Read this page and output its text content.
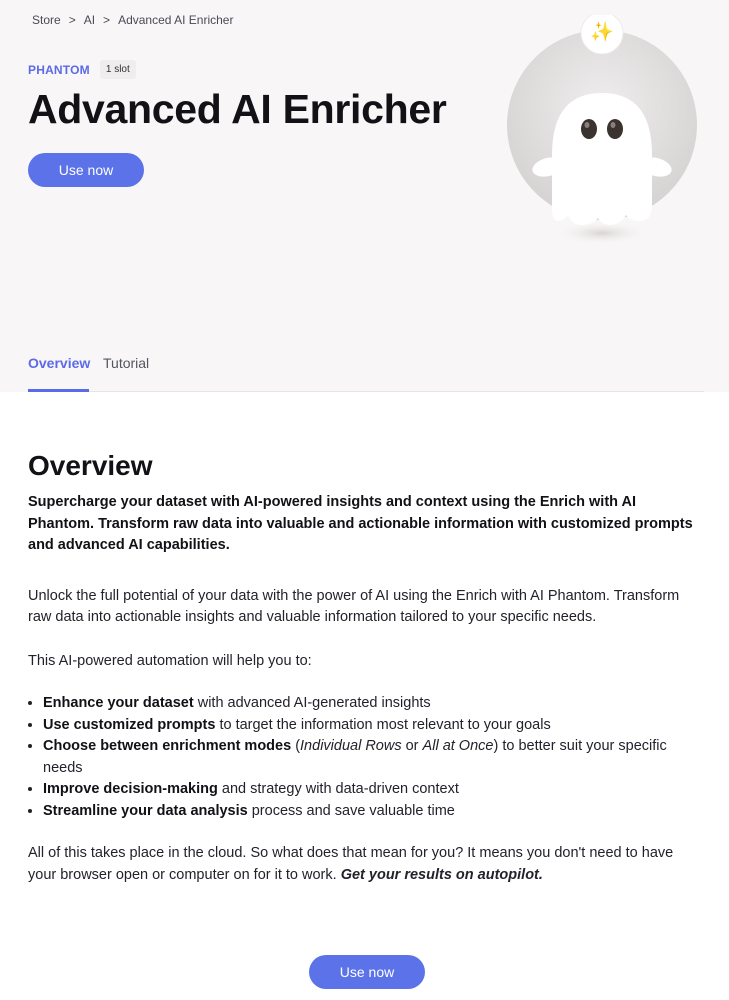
Store > AI > Advanced AI Enricher
PHANTOM	1 slot
Advanced AI Enricher
Use now
✨
Overview Tutorial
Overview

Supercharge your dataset with AI-powered insights and context using the Enrich with AI Phantom. Transform raw data into valuable and actionable information with customized prompts and advanced AI capabilities.

Unlock the full potential of your data with the power of AI using the Enrich with AI Phantom. Transform raw data into actionable insights and valuable information tailored to your specific needs.

This AI-powered automation will help you to:

• Enhance your dataset with advanced AI-generated insights
• Use customized prompts to target the information most relevant to your goals
• Choose between enrichment modes (Individual Rows or All at Once) to better suit your specific needs
• Improve decision-making and strategy with data-driven context
• Streamline your data analysis process and save valuable time

All of this takes place in the cloud. So what does that mean for you? It means you don't need to have your browser open or computer on for it to work. Get your results on autopilot.

Use now
